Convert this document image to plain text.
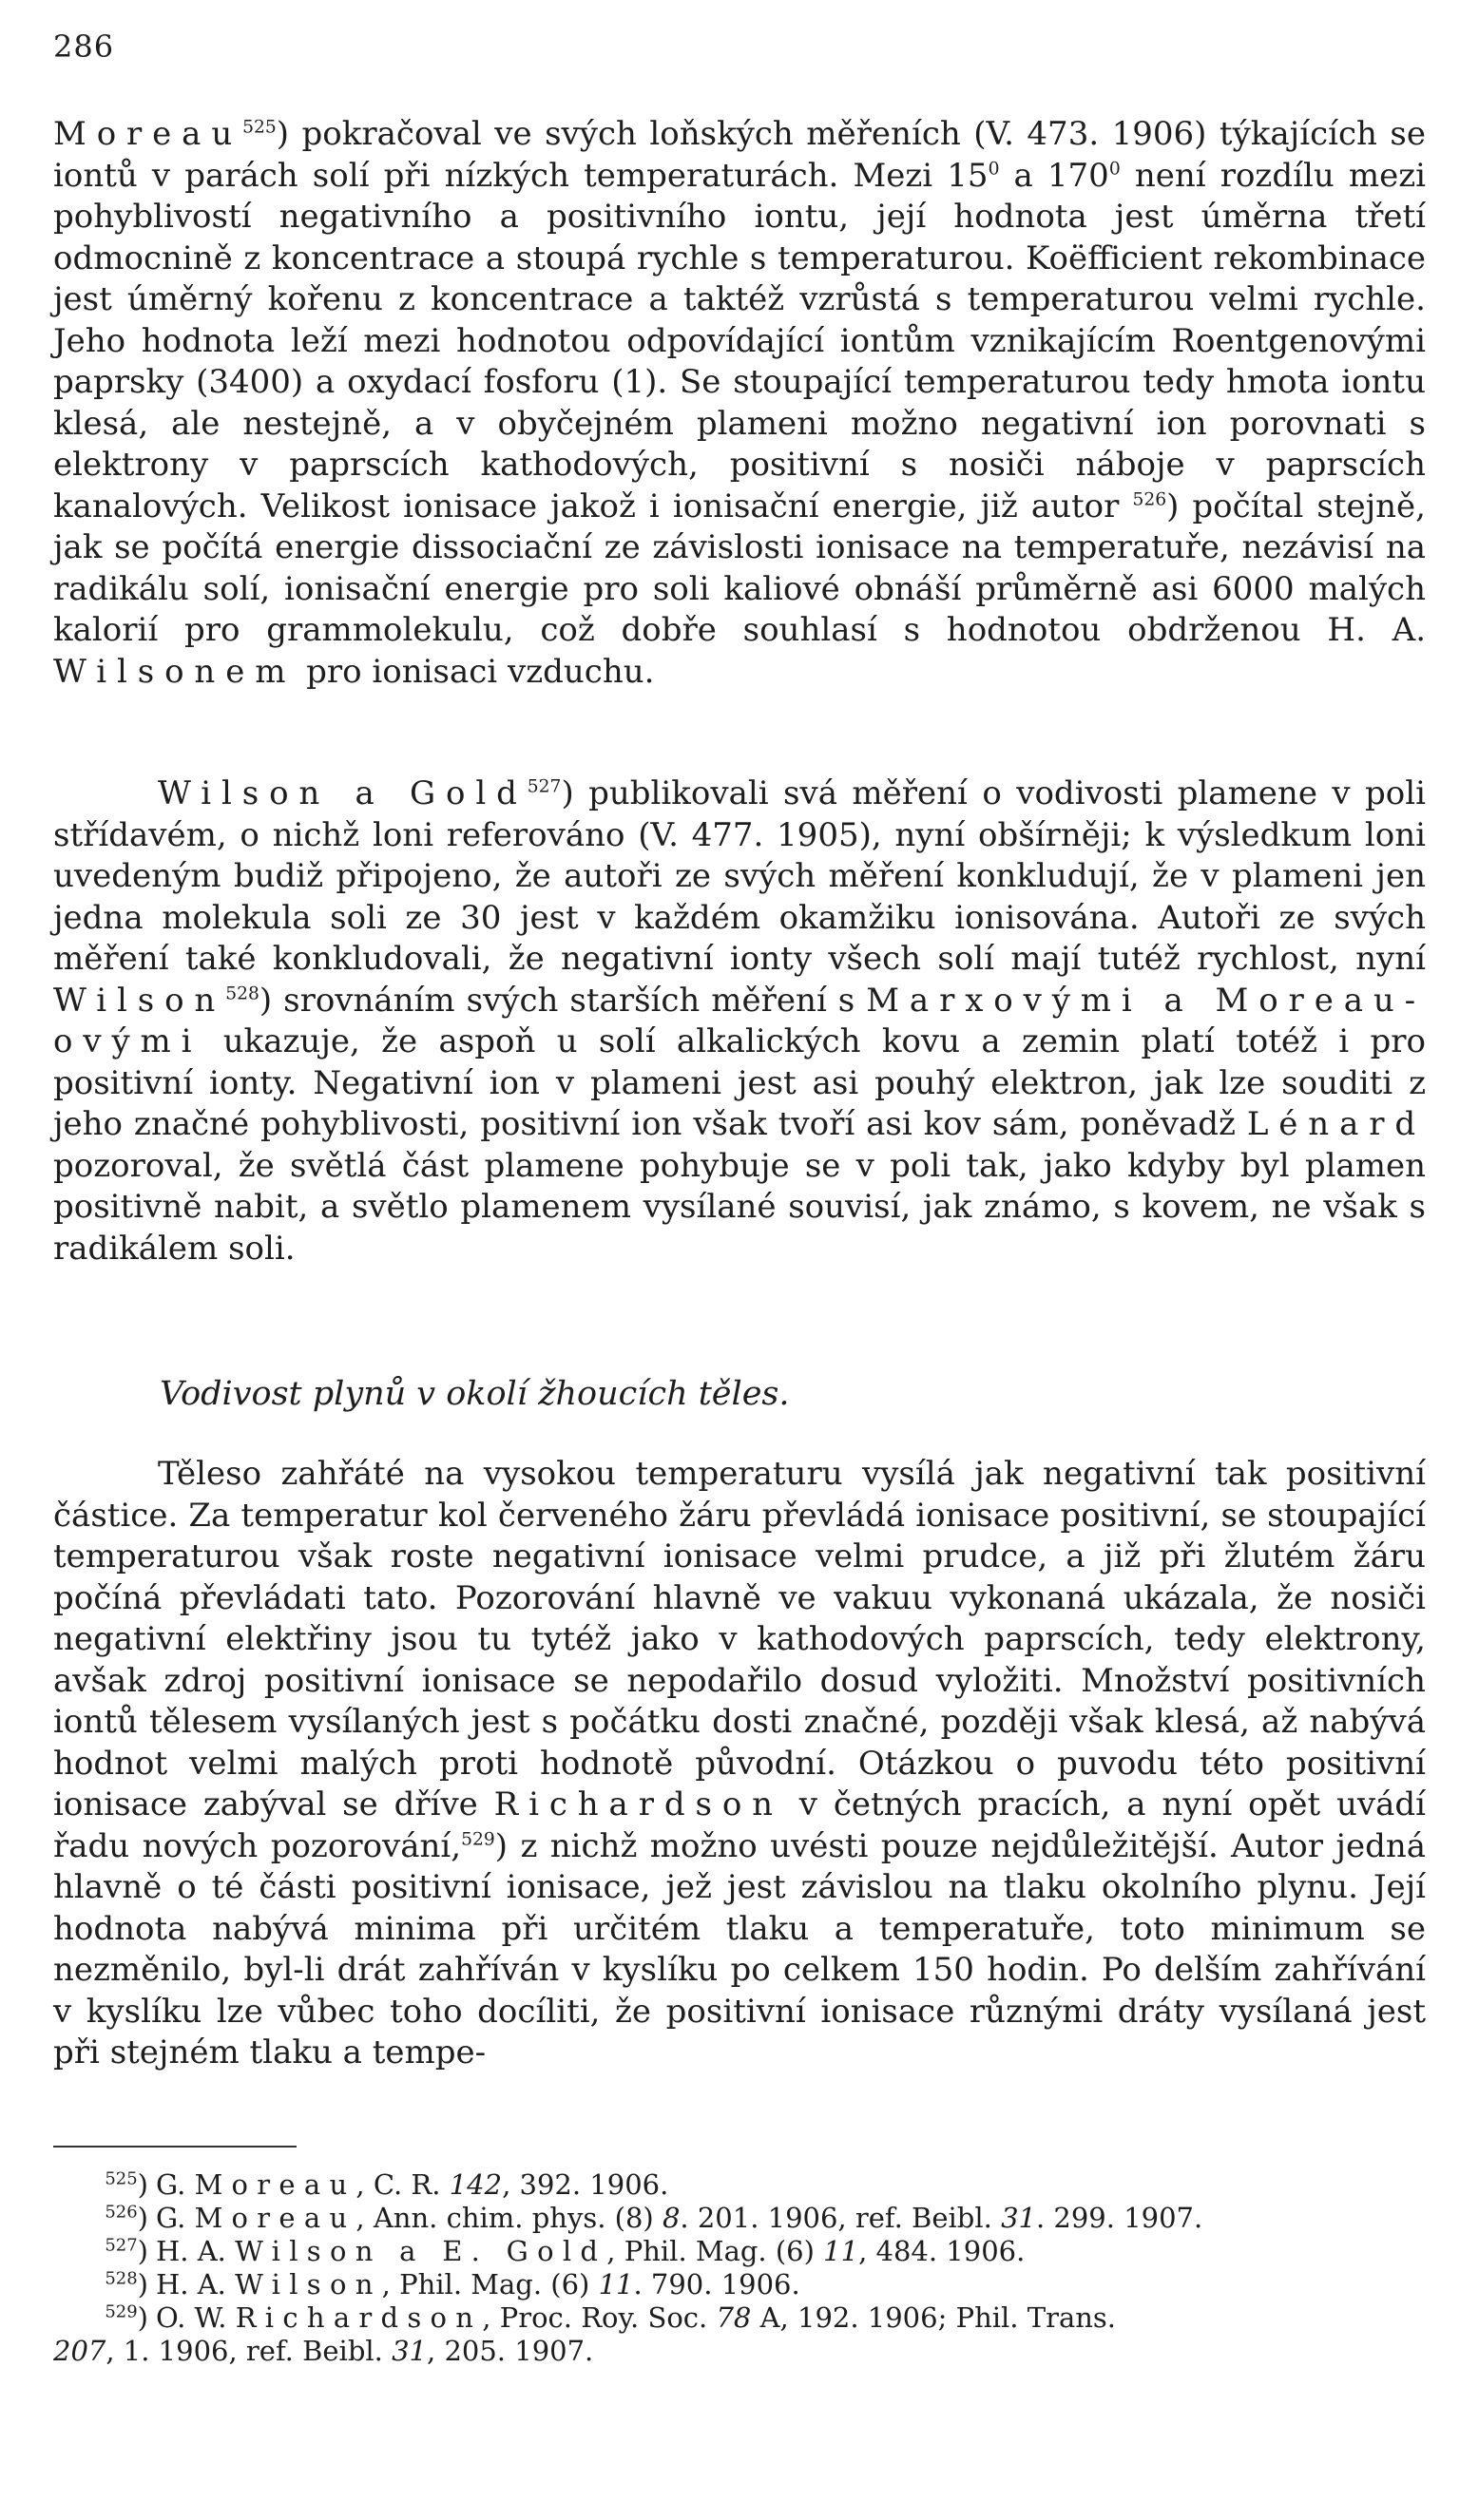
286

Moreau$^{525}$) pokračoval ve svých loňských měřeních (V. 473. 1906) týkajících se iontů v parách solí při nízkých temperaturách. Mezi $15^0$ a $170^0$ není rozdílu mezi pohyblivostí negativního a positivního iontu, její hodnota jest úměrna třetí odmocnině z koncentrace a stoupá rychle s temperaturou. Koëfficient rekombinace jest úměrný kořenu z koncentrace a taktéž vzrůstá s temperaturou velmi rychle. Jeho hodnota leží mezi hodnotou odpovídající iontům vznikajícím Roentgenovými paprsky (3400) a oxydací fosforu (1). Se stoupající temperaturou tedy hmota iontu klesá, ale nestejně, a v obyčejném plameni možno negativní ion porovnati s elektrony v paprscích kathodových, positivní s nosiči náboje v paprscích kanalových. Velikost ionisace jakož i ionisační energie, již autor $^{526}$) počítal stejně, jak se počítá energie dissociační ze závislosti ionisace na temperatuře, nezávisí na radikálu solí, ionisační energie pro soli kaliové obnáší průměrně asi 6000 malých kalorií pro grammolekulu, což dobře souhlasí s hodnotou obdrženou H. A. Wilsonem pro ionisaci vzduchu.

Wilson a Gold$^{527}$) publikovali svá měření o vodivosti plamene v poli střídavém, o nichž loni referováno (V. 477. 1905), nyní obšírněji; k výsledkum loni uvedeným budiž připojeno, že autoři ze svých měření konkludují, že v plameni jen jedna molekula soli ze 30 jest v každém okamžiku ionisována. Autoři ze svých měření také konkludovali, že negativní ionty všech solí mají tutéž rychlost, nyní Wilson$^{528}$) srovnáním svých starších měření s Marxovými a Moreau-ovými ukazuje, že aspoň u solí alkalických kovu a zemin platí totéž i pro positivní ionty. Negativní ion v plameni jest asi pouhý elektron, jak lze souditi z jeho značné pohyblivosti, positivní ion však tvoří asi kov sám, poněvadž Lénard pozoroval, že světlá část plamene pohybuje se v poli tak, jako kdyby byl plamen positivně nabit, a světlo plamenem vysílané souvisí, jak známo, s kovem, ne však s radikálem soli.

Vodivost plynů v okolí žhoucích těles.

Těleso zahřáté na vysokou temperaturu vysílá jak negativní tak positivní částice. Za temperatur kol červeného žáru převládá ionisace positivní, se stoupající temperaturou však roste negativní ionisace velmi prudce, a již při žlutém žáru počíná převládati tato. Pozorování hlavně ve vakuu vykonaná ukázala, že nosiči negativní elektřiny jsou tu tytéž jako v kathodových paprscích, tedy elektrony, avšak zdroj positivní ionisace se nepodařilo dosud vyložiti. Množství positivních iontů tělesem vysílaných jest s počátku dosti značné, později však klesá, až nabývá hodnot velmi malých proti hodnotě původní. Otázkou o puvodu této positivní ionisace zabýval se dříve Richardson v četných pracích, a nyní opět uvádí řadu nových pozorování,$^{529}$) z nichž možno uvésti pouze nejdůležitější. Autor jedná hlavně o té části positivní ionisace, jež jest závislou na tlaku okolního plynu. Její hodnota nabývá minima při určitém tlaku a temperatuře, toto minimum se nezměnilo, byl-li drát zahříván v kyslíku po celkem 150 hodin. Po delším zahřívání v kyslíku lze vůbec toho docíliti, že positivní ionisace různými dráty vysílaná jest při stejném tlaku a tempe-

$^{525}$) G. Moreau, C. R. 142, 392. 1906.

$^{526}$) G. Moreau, Ann. chim. phys. (8) 8. 201. 1906, ref. Beibl. 31. 299. 1907.

$^{527}$) H. A. Wilson a E. Gold, Phil. Mag. (6) 11, 484. 1906.

$^{528}$) H. A. Wilson, Phil. Mag. (6) 11. 790. 1906.

$^{529}$) O. W. Richardson, Proc. Roy. Soc. 78 A, 192. 1906; Phil. Trans.

207, 1. 1906, ref. Beibl. 31, 205. 1907.
